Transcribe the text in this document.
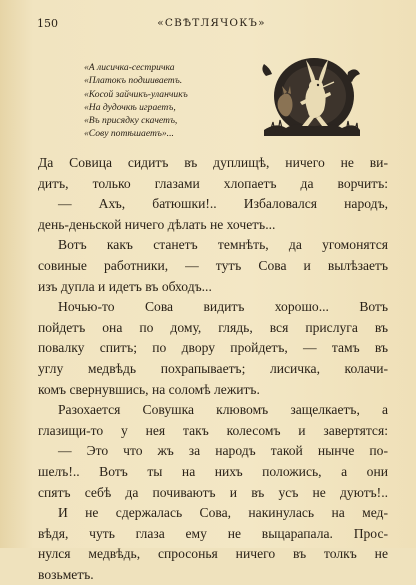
150	«СВѢТЛЯЧОКЪ»
«А лисичка-сестричка
«Платокъ подшиваетъ.
«Косой зайчикъ-уланчикъ
«На дудочкѣ играетъ,
«Въ присядку скачетъ,
«Сову потѣшаетъ»...
Да Совица сидитъ въ дуплищѣ, ничего не ви-
дитъ, только глазами хлопаетъ да ворчитъ:
— Ахъ, батюшки!.. Избаловался народъ,
день-деньской ничего дѣлать не хочетъ...
Вотъ какъ станетъ темнѣть, да угомонятся
совиные работники, — тутъ Сова и вылѣзаетъ
изъ дупла и идетъ въ обходъ...
Ночью-то Сова видитъ хорошо... Вотъ
пойдетъ она по дому, глядь, вся прислуга въ
повалку спитъ; по двору пройдетъ, — тамъ въ
углу медвѣдь похрапываетъ; лисичка, колачи-
комъ свернувшись, на соломѣ лежитъ.
Разохается Совушка клювомъ защелкаетъ, а
глазищи-то у нея такъ колесомъ и завертятся:
— Это что жъ за народъ такой нынче по-
шелъ!.. Вотъ ты на нихъ положись, а они
спятъ себѣ да почиваютъ и въ усъ не дуютъ!..
И не сдержалась Сова, накинулась на мед-
вѣдя, чуть глаза ему не выцарапала. Прос-
нулся медвѣдь, спросонья ничего въ толкъ не
возьметъ.
